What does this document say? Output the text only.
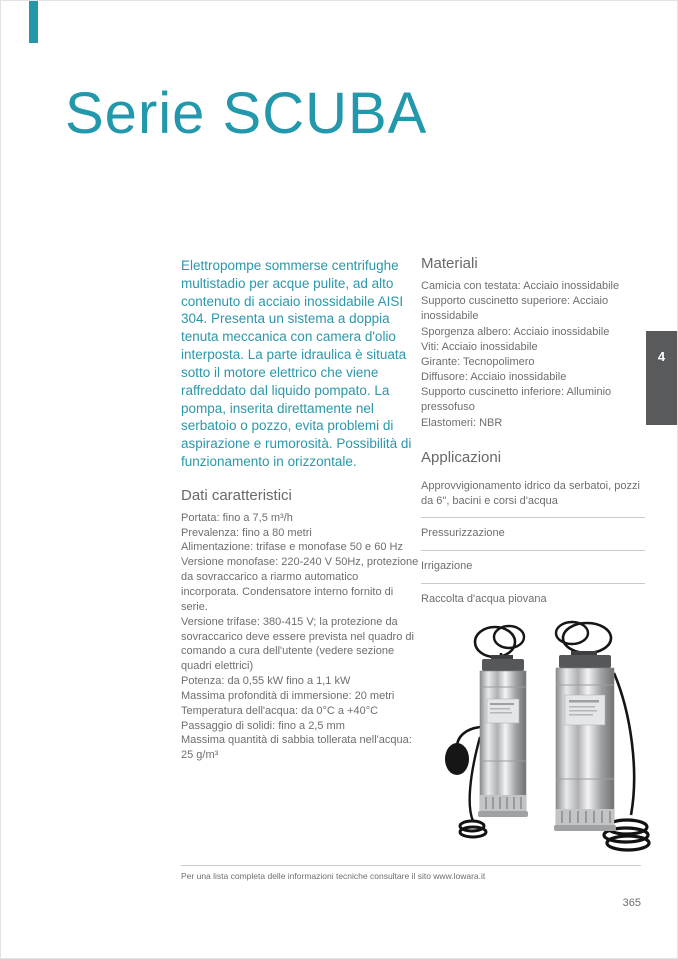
Serie SCUBA

Elettropompe sommerse centrifughe multistadio per acque pulite, ad alto contenuto di acciaio inossidabile AISI 304. Presenta un sistema a doppia tenuta meccanica con camera d'olio interposta. La parte idraulica è situata sotto il motore elettrico che viene raffreddato dal liquido pompato. La pompa, inserita direttamente nel serbatoio o pozzo, evita problemi di aspirazione e rumorosità. Possibilità di funzionamento in orizzontale.

Dati caratteristici
Portata: fino a 7,5 m³/h
Prevalenza: fino a 80 metri
Alimentazione: trifase e monofase 50 e 60 Hz
Versione monofase: 220-240 V 50Hz, protezione da sovraccarico a riarmo automatico incorporata. Condensatore interno fornito di serie.
Versione trifase: 380-415 V; la protezione da sovraccarico deve essere prevista nel quadro di comando a cura dell'utente (vedere sezione quadri elettrici)
Potenza: da 0,55 kW fino a 1,1 kW
Massima profondità di immersione: 20 metri
Temperatura dell'acqua: da 0°C a +40°C
Passaggio di solidi: fino a 2,5 mm
Massima quantità di sabbia tollerata nell'acqua: 25 g/m³
Materiali
Camicia con testata: Acciaio inossidabile
Supporto cuscinetto superiore: Acciaio inossidabile
Sporgenza albero: Acciaio inossidabile
Viti: Acciaio inossidabile
Girante: Tecnopolimero
Diffusore: Acciaio inossidabile
Supporto cuscinetto inferiore: Alluminio pressofuso
Elastomeri: NBR
Applicazioni
Approvvigionamento idrico da serbatoi, pozzi da 6", bacini e corsi d'acqua
Pressurizzazione
Irrigazione
Raccolta d'acqua piovana
4
Per una lista completa delle informazioni tecniche consultare il sito www.lowara.it
365
